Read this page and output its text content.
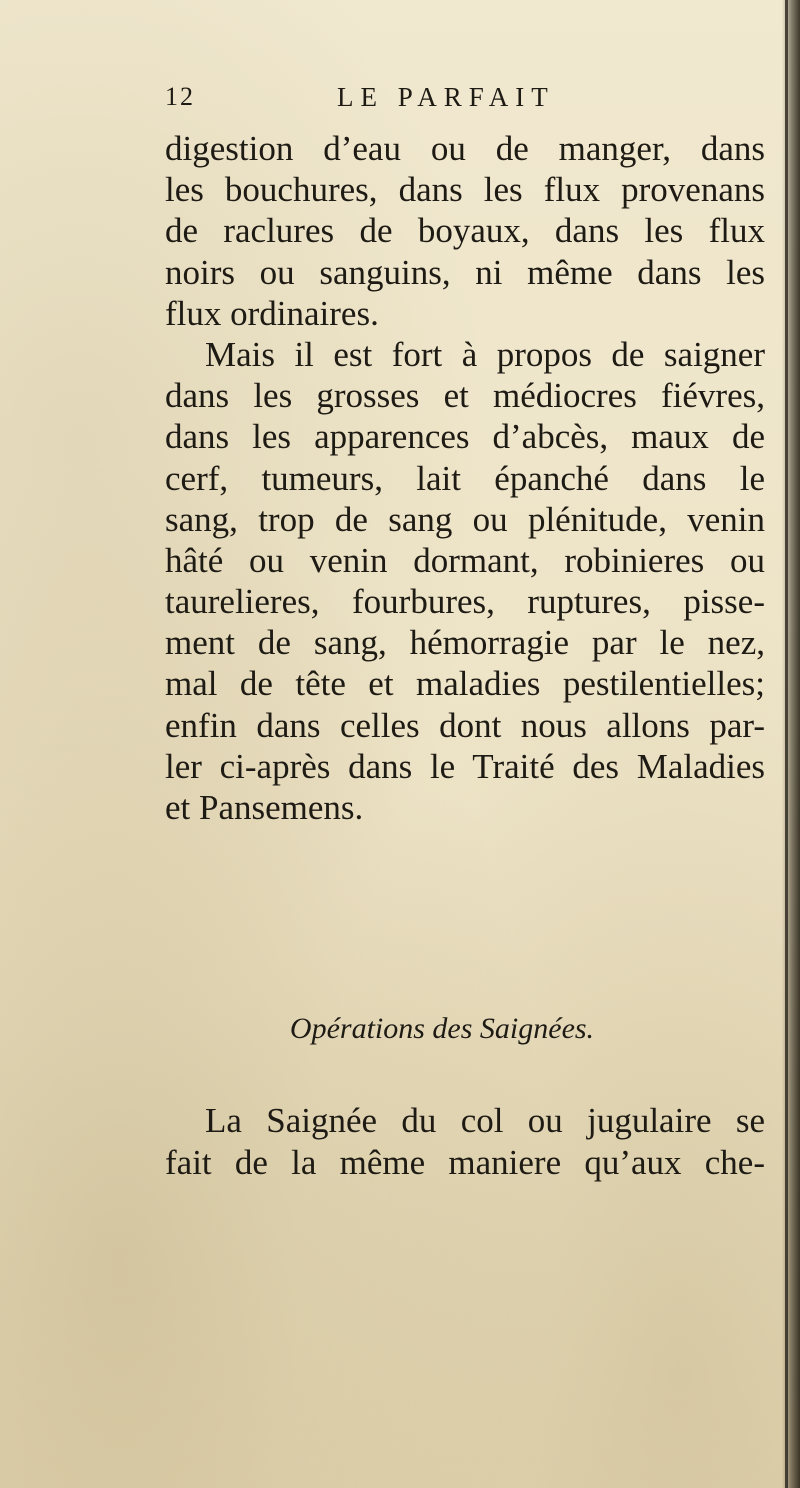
12	LE PARFAIT
digestion d’eau ou de manger, dans
les bouchures, dans les flux provenans
de raclures de boyaux, dans les flux
noirs ou sanguins, ni même dans les
flux ordinaires.
Mais il est fort à propos de saigner
dans les grosses et médiocres fiévres,
dans les apparences d’abcès, maux de
cerf, tumeurs, lait épanché dans le
sang, trop de sang ou plénitude, venin
hâté ou venin dormant, robinieres ou
taurelieres, fourbures, ruptures, pisse-
ment de sang, hémorragie par le nez,
mal de tête et maladies pestilentielles;
enfin dans celles dont nous allons par-
ler ci-après dans le Traité des Maladies
et Pansemens.
Opérations des Saignées.
La Saignée du col ou jugulaire se
fait de la même maniere qu’aux che-
